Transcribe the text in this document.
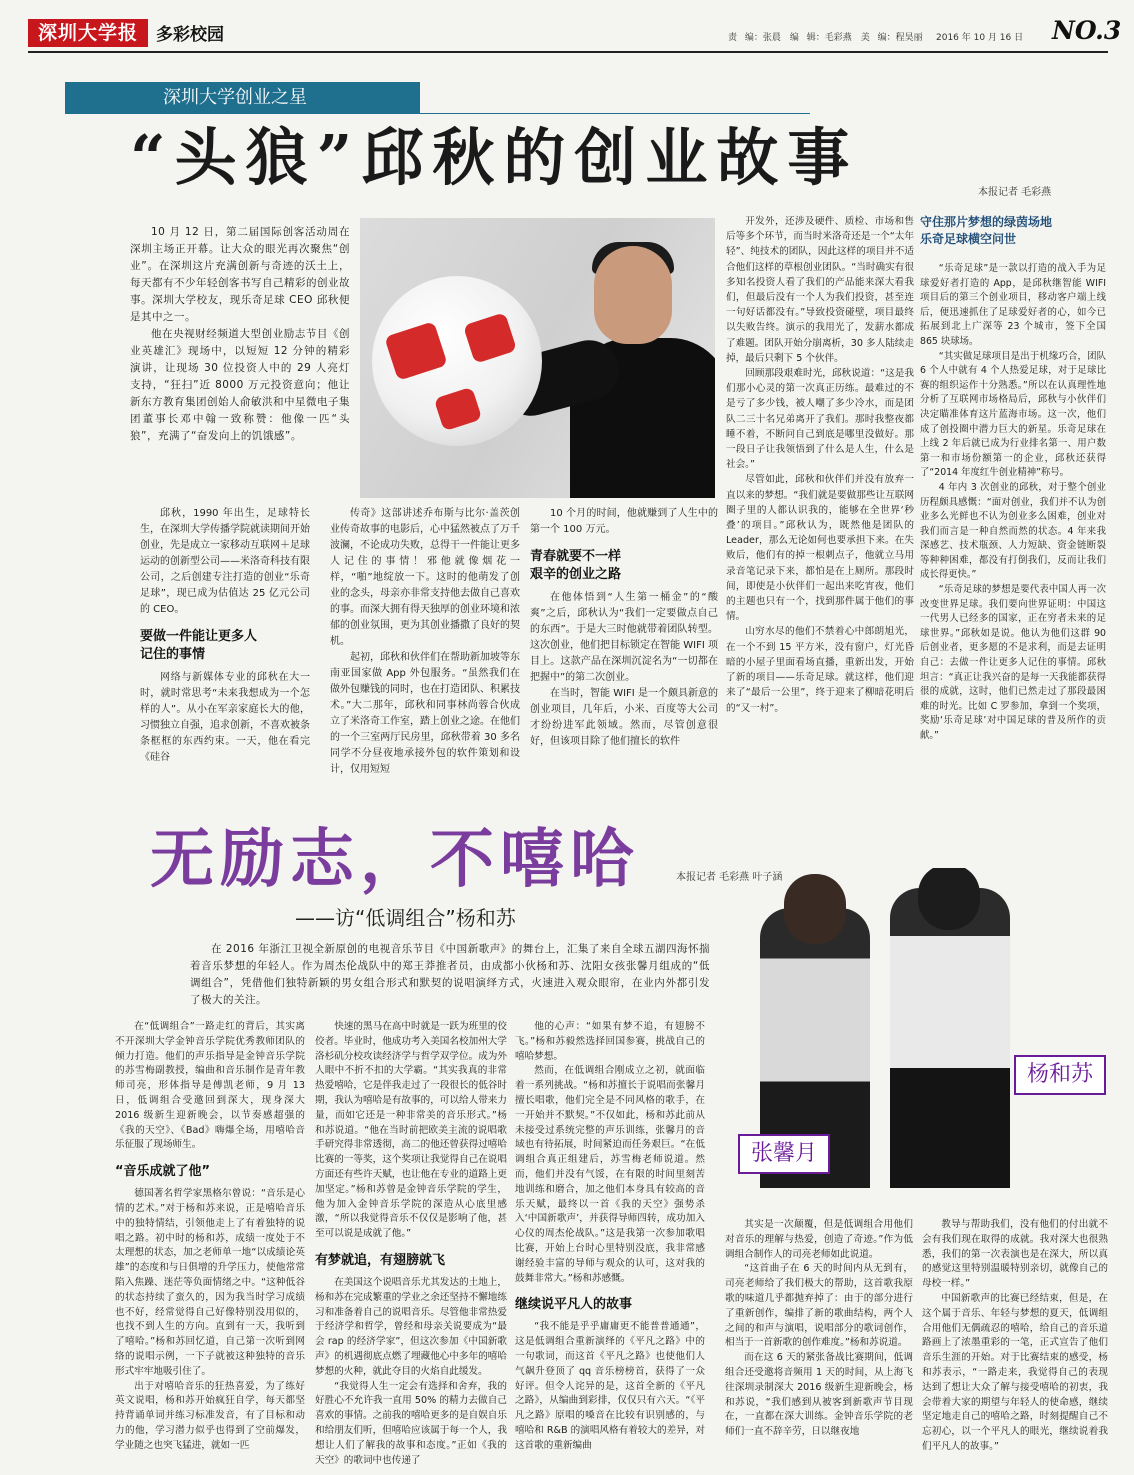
深圳大学报	多彩校园	责 编：张晨　编 辑：毛彩燕　美 编：程昊丽 2016 年 10 月 16 日 NO.3
深圳大学创业之星
“头狼”邱秋的创业故事	本报记者 毛彩燕

10 月 12 日，第二届国际创客活动周在深圳主场正开幕。让大众的眼光再次聚焦“创业”。在深圳这片充满创新与奇迹的沃土上，每天都有不少年轻创客书写自己精彩的创业故事。深圳大学校友，现乐奇足球 CEO 邱秋便是其中之一。

他在央视财经频道大型创业励志节目《创业英雄汇》现场中，以短短 12 分钟的精彩演讲，让现场 30 位投资人中的 29 人亮灯支持，“狂扫”近 8000 万元投资意向；他让新东方教育集团创始人俞敏洪和中星微电子集团董事长邓中翰一致称赞：他像一匹“头狼”，充满了“奋发向上的饥饿感”。

邱秋，1990 年出生，足球特长生，在深圳大学传播学院就读期间开始创业，先是成立一家移动互联网＋足球运动的创新型公司——米洛奇科技有限公司，之后创建专注打造的创业“乐奇足球”，现已成为估值达 25 亿元公司的 CEO。

要做一件能让更多人
记住的事情

网络与新媒体专业的邱秋在大一时，就时常思考“未来我想成为一个怎样的人”。从小在军亲家庭长大的他，习惯独立自强，追求创新，不喜欢被条条框框的东西约束。一天，他在看完《硅谷

传奇》这部讲述乔布斯与比尔·盖茨创业传奇故事的电影后，心中猛然被点了万千波澜，不论成功失败，总得干一件能让更多人记住的事情！邪他就像烟花一样，“啪”地绽放一下。这时的他萌发了创业的念头，母亲亦非常支持他去做自己喜欢的事。而深大拥有得天独厚的创业环境和浓郁的创业氛围，更为其创业播撒了良好的契机。

起初，邱秋和伙伴们在帮助新加坡等东南亚国家做 App 外包服务。“虽然我们在做外包赚钱的同时，也在打造团队、积累技术。”大二那年，邱秋和同事林尚蓉合伙成立了米洛奇工作室，踏上创业之途。在他们的一个三室两厅民房里，邱秋带着 30 多名同学不分昼夜地承接外包的软件策划和设计，仅用短短

10 个月的时间，他就赚到了人生中的第一个 100 万元。

青春就要不一样
艰辛的创业之路

在他体悟到“人生第一桶金”的“酸爽”之后，邱秋认为“我们一定要做点自己的东西”。于是大三时他就带着团队转型。这次创业，他们把目标锁定在智能 WIFI 项目上。这款产品在深圳沉淀名为“一切都在把握中”的第二次创业。

在当时，智能 WIFI 是一个颇具新意的创业项目，几年后，小米、百度等大公司才纷纷进军此领域。然而，尽管创意很好，但该项目除了他们擅长的软件

开发外，还涉及硬件、质检、市场和售后等多个环节，而当时米洛奇还是一个“太年轻”、纯技术的团队，因此这样的项目并不适合他们这样的草根创业团队。“当时确实有很多知名投资人看了我们的产品能来深大看我们，但最后没有一个人为我们投资，甚至连一句好话都没有。”导致投资碰壁，项目最终以失败告终。演示的我用光了，发薪水都成了难题。团队开始分崩离析，30 多人陆续走掉，最后只剩下 5 个伙伴。

回顾那段艰难时光，邱秋说道：“这是我们那小心灵的第一次真正历练。最难过的不是亏了多少钱，被人嘲了多少冷水，而是团队二三十名兄弟离开了我们。那时我整夜都睡不着，不断问自己到底是哪里没做好。那一段日子让我领悟到了什么是人生，什么是社会。”

尽管如此，邱秋和伙伴们并没有放弃一直以来的梦想。“我们就是要做那些让互联网圈子里的人都认识我的，能够在全世界‘秒叠’的项目。”邱秋认为，既然他是团队的 Leader，那么无论如何也要承担下来。在失败后，他们有的掉一根刺点子，他就立马用录音笔记录下来，都怕是在上厕所。那段时间，即使是小伙伴们一起出来吃宵夜，他们的主题也只有一个，找到那件属于他们的事情。

山穷水尽的他们不禁着心中郎朗旭光，在一个不到 15 平方米，没有窗户，灯光昏暗的小屋子里面看场直播，重新出发，开始了新的项目——乐奇足球。就这样，他们迎来了“最后一公里”，终于迎来了柳暗花明后的“又一村”。

守住那片梦想的绿茵场地
乐奇足球横空问世

“乐奇足球”是一款以打造的战入手为足球爱好者打造的 App，是邱秋继智能 WIFI 项目后的第三个创业项目，移动客户端上线后，便迅速抓住了足球爱好者的心，如今已拓展到北上广深等 23 个城市，签下全国 865 块球场。

“其实做足球项目是出于机缘巧合，团队 6 个人中就有 4 个人热爱足球，对于足球比赛的组织运作十分熟悉。”所以在认真理性地分析了互联网市场格局后，邱秋与小伙伴们决定瞄准体育这片蓝海市场。这一次，他们成了创投圈中潜力巨大的新星。乐奇足球在上线 2 年后就已成为行业排名第一、用户数第一和市场份额第一的企业，邱秋还获得了“2014 年度红牛创业精神”称号。

4 年内 3 次创业的邱秋，对于整个创业历程颇具感慨：“面对创业，我们并不认为创业多么光鲜也不认为创业多么困难，创业对我们而言是一种自然而然的状态。4 年来我深感艺、技术瓶颈、人力短缺、资金链断裂等种种困难，都没有打倒我们，反而让我们成长得更快。”

“乐奇足球的梦想是要代表中国人再一次改变世界足球。我们要向世界证明：中国这一代男人已经多的国家，正在穷者未来的足球世界。”邱秋如是说。他认为他们这群 90 后创业者，更多愿的不是求利，而是去证明自己：去做一件让更多人记住的事情。邱秋坦言：“真正让我兴奋的是每一天我能都获得很的成就，这时，他们已然走过了那段最困难的时光。比如 C 罗参加，拿到一个奖项，奖励‘乐奇足球’对中国足球的普及所作的贡献。”

无励志，不嘻哈	本报记者 毛彩燕 叶子涵
——访“低调组合”杨和苏
在 2016 年浙江卫视全新原创的电视音乐节目《中国新歌声》的舞台上，汇集了来自全球五湖四海怀揣着音乐梦想的年轻人。作为周杰伦战队中的郑王莽推者员，由成都小伙杨和苏、沈阳女孩张馨月组成的“低调组合”，凭借他们独特新颖的男女组合形式和默契的说唱演绎方式，火速进入观众眼帘，在业内外都引发了极大的关注。
杨和苏
张馨月

在“低调组合”一路走红的背后，其实离不开深圳大学金钟音乐学院优秀教师团队的倾力打造。他们的声乐指导是金钟音乐学院的苏雪梅副教授，编曲和音乐制作是青年教师司亮，形体指导是傅凯老师，9 月 13 日，低调组合受邀回到深大，现身深大 2016 级新生迎新晚会，以节奏感超强的《我的天空》、《Bad》嗨爆全场，用嘻哈音乐征服了现场师生。

“音乐成就了他”

德国著名哲学家黑格尔曾说：“音乐是心情的艺术。”对于杨和苏来说，正是嘻哈音乐中的独特情结，引领他走上了有着独特的说唱之路。初中时的杨和苏，成绩一度处于不太理想的状态，加之老师单一地“以成绩论英雄”的态度和与日俱增的升学压力，使他常常陷入焦躁、迷茫等负面情绪之中。“这种低谷的状态持续了蛮久的，因为我当时学习成绩也不好，经常觉得自己好像特别没用似的，也找不到人生的方向。直到有一天，我听到了嘻哈。”杨和苏回忆道，自己第一次听到网络的说唱示例，一下子就被这种独特的音乐形式牢牢地吸引住了。

出于对嘻哈音乐的狂热喜爱，为了练好英文说唱，杨和苏开始疯狂自学，每天都坚持背诵单词并练习标准发音，有了目标和动力的他，学习潜力似乎也得到了空前爆发，学业随之也突飞猛进，就如一匹

快速的黑马在高中时就是一跃为班里的佼佼者。毕业时，他成功考入美国名校加州大学洛杉矶分校攻读经济学与哲学双学位。成为外人眼中不折不扣的大学霸。“其实我真的非常热爱嘻哈，它是伴我走过了一段很长的低谷时期，我认为嘻哈是有故事的，可以给人带来力量，而如它还是一种非常美的音乐形式。”杨和苏说道。“他在当时前把欧美主流的说唱歌手研究得非常透彻，高二的他还曾获得过嘻哈比赛的一等奖，这个奖项让我觉得自己在说唱方面还有些许天赋，也让他在专业的道路上更加坚定。”杨和苏曾是金钟音乐学院的学生，他为加入金钟音乐学院的深造从心底里感激，“所以我觉得音乐不仅仅是影响了他，甚至可以说是成就了他。”

有梦就追，有翅膀就飞

在美国这个说唱音乐尤其发达的土地上，杨和苏在完成繁重的学业之余还坚持不懈地练习和准备着自己的说唱音乐。尽管他非常热爱于经济学和哲学，曾经和母亲关说要成为“最会 rap 的经济学家”，但这次参加《中国新歌声》的机遇彻底点燃了埋藏他心中多年的嘻哈梦想的火种，就此夺目的火焰自此缓发。

“我觉得人生一定会有选择和舍弃，我的好胜心不允许我一直用 50% 的精力去做自己喜欢的事情。之前我的嘻哈更多的是自娱自乐和给朋友们听，但嘻哈应该属于每一个人，我想让人们了解我的故事和态度。”正如《我的天空》的歌词中也传递了

他的心声：“如果有梦不追，有翅膀不飞。”杨和苏毅然选择回国参赛，挑战自己的嘻哈梦想。

然而，在低调组合刚成立之初，就面临着一系列挑战。“杨和苏擅长于说唱而张馨月擅长唱歌，他们完全是不同风格的歌手，在一开始并不默契。”不仅如此，杨和苏此前从未接受过系统完整的声乐训练，张馨月的音域也有待拓展，时间紧迫而任务艰巨。“在低调组合真正组建后，苏雪梅老师说道。然而，他们并没有气馁，在有限的时间里刻苦地训练和磨合，加之他们本身具有较高的音乐天赋，最终以一首《我的天空》强势杀入‘中国新歌声’，并获得导师四转，成功加入心仪的周杰伦战队。”这是我第一次参加歌唱比赛，开始上台时心里特别没底，我非常感谢经验丰富的导师与观众的认可，这对我的鼓舞非常大。”杨和苏感慨。

继续说平凡人的故事

“我不能是乎乎庸庸更不能普普通通”，这是低调组合重新演绎的《平凡之路》中的一句歌词，而这首《平凡之路》也使他们人气飙升登顶了 qq 音乐榜榜首，获得了一众好评。但令人诧异的是，这首全新的《平凡之路》，从编曲到彩排，仅仅只有六天。“《平凡之路》原唱的嗓音在比较有识别感的，与嘻哈和 R&B 的演唱风格有着较大的差异，对这首歌的重新编曲

其实是一次颠覆，但是低调组合用他们对音乐的理解与热爱，创造了奇迹。”作为低调组合制作人的司亮老师如此说道。

“这首曲子在 6 天的时间内从无到有，司亮老师给了我们极大的帮助，这首歌我原歌的味道几乎都抛弃掉了：由于的部分进行了重新创作，编排了新的歌曲结构，两个人之间的和声与演唱，说唱部分的歌词创作，相当于一首新歌的创作难度。”杨和苏说道。

而在这 6 天的紧张备战比赛期间，低调组合还受邀将音频用 1 天的时间，从上海飞往深圳录制深大 2016 级新生迎新晚会，杨和苏说，“我们感到从被客到新歌声节目现在，一直都在深大训练。金钟音乐学院的老师们一直不辞辛劳，日以继夜地

教导与帮助我们，没有他们的付出就不会有我们现在取得的成就。我对深大也很熟悉，我们的第一次表演也是在深大，所以真的感觉这里特别温暖特别亲切，就像自己的母校一样。”

中国新歌声的比赛已经结束，但是，在这个属于音乐、年轻与梦想的夏天，低调组合用他们无偶疏忍的嘻哈，给自己的音乐道路画上了浓墨重彩的一笔，正式宣告了他们音乐生涯的开始。对于比赛结束的感受，杨和苏表示，“一路走来，我觉得自己的表现达到了想让大众了解与接受嘻哈的初衷，我会带着大家的期望与年轻人的使命感，继续坚定地走自己的嘻哈之路，时刻提醒自己不忘初心，以一个平凡人的眼光，继续说着我们平凡人的故事。”
